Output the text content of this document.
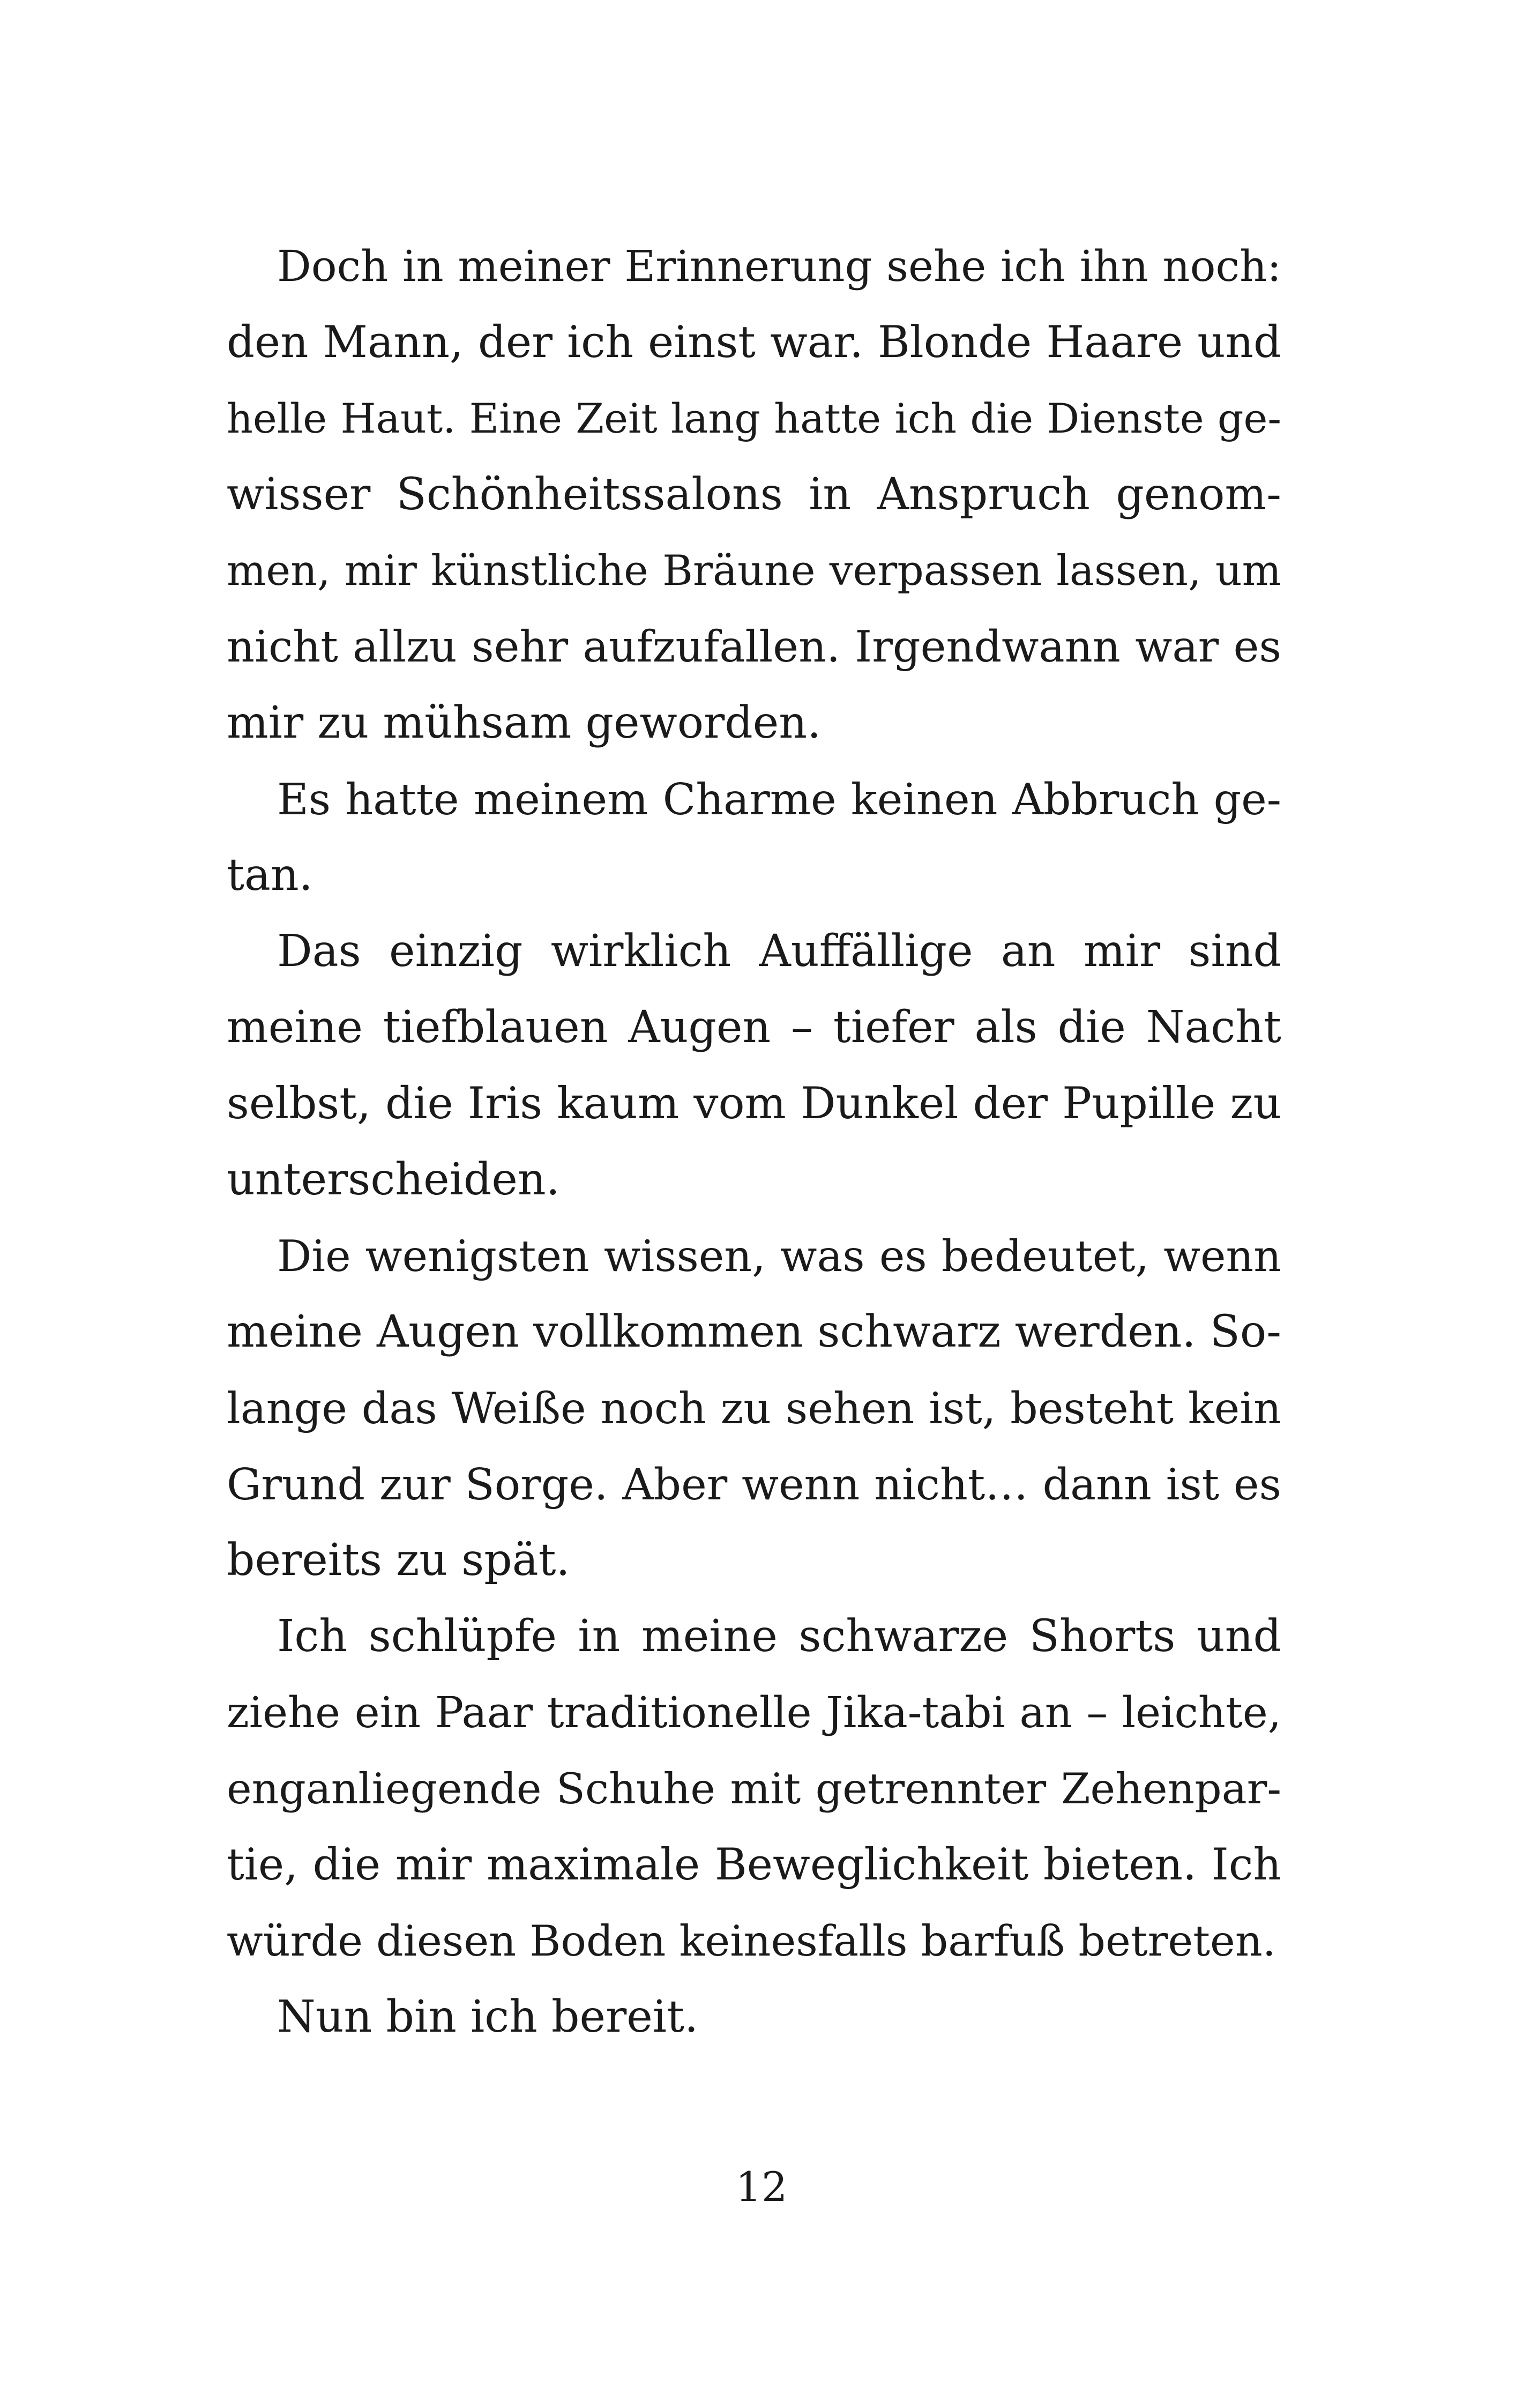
Doch in meiner Erinnerung sehe ich ihn noch:
den Mann, der ich einst war. Blonde Haare und
helle Haut. Eine Zeit lang hatte ich die Dienste ge-
wisser Schönheitssalons in Anspruch genom-
men, mir künstliche Bräune verpassen lassen, um
nicht allzu sehr aufzufallen. Irgendwann war es
mir zu mühsam geworden.
Es hatte meinem Charme keinen Abbruch ge-
tan.
Das einzig wirklich Auffällige an mir sind
meine tiefblauen Augen – tiefer als die Nacht
selbst, die Iris kaum vom Dunkel der Pupille zu
unterscheiden.
Die wenigsten wissen, was es bedeutet, wenn
meine Augen vollkommen schwarz werden. So-
lange das Weiße noch zu sehen ist, besteht kein
Grund zur Sorge. Aber wenn nicht… dann ist es
bereits zu spät.
Ich schlüpfe in meine schwarze Shorts und
ziehe ein Paar traditionelle Jika-tabi an – leichte,
enganliegende Schuhe mit getrennter Zehenpar-
tie, die mir maximale Beweglichkeit bieten. Ich
würde diesen Boden keinesfalls barfuß betreten.
Nun bin ich bereit.
12
